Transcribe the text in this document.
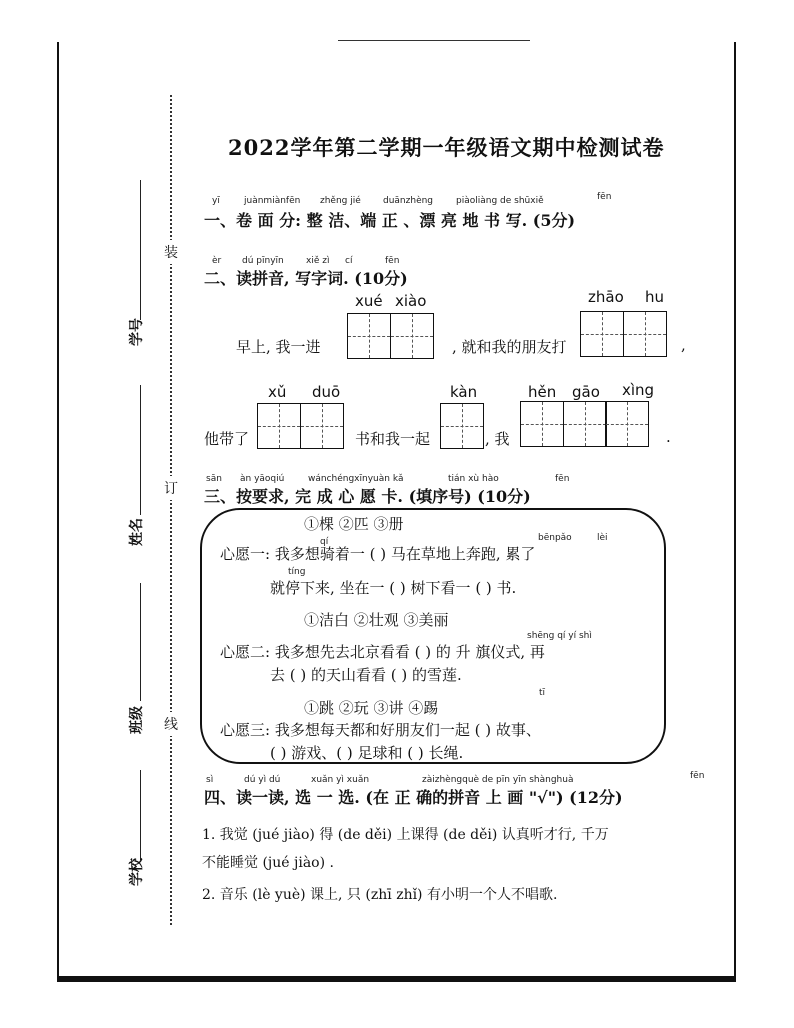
装
订
线
学号
姓名
班级
学校
2022学年第二学期一年级语文期中检测试卷
yī	juànmiànfēn zhěng jié duānzhèng	piàoliàng de shūxiě	fēn
一、卷 面 分: 整 洁、端 正 、漂 亮 地 书 写. (5分)
èr dú pīnyīn xiě zì cí	fēn
二、读拼音, 写字词. (10分)
xué xiào	zhāo hu
早上, 我一进	, 就和我的朋友打	,
xǔ duō	kàn	hěn gāo xìng
他带了	书和我一起	, 我	.
sān àn yāoqiú	wánchéngxīnyuàn kǎ	tián xù hào	fēn
三、按要求, 完 成 心 愿 卡. (填序号) (10分)
①棵 ②匹 ③册
qí	bēnpǎo	lèi
心愿一: 我多想骑着一 ( ) 马在草地上奔跑, 累了
tíng
就停下来, 坐在一 ( ) 树下看一 ( ) 书.
①洁白 ②壮观 ③美丽
shēng qí yí shì
心愿二: 我多想先去北京看看 ( ) 的 升 旗仪式, 再
去 ( ) 的天山看看 ( ) 的雪莲.
tī
①跳 ②玩 ③讲 ④踢
心愿三: 我多想每天都和好朋友们一起 ( ) 故事、
( ) 游戏、( ) 足球和 ( ) 长绳.
sì	dú yì dú	xuǎn yì xuǎn	zàizhèngquè de pīn yīn shànghuà	fēn
四、读一读, 选 一 选. (在 正 确的拼音 上 画 "√") (12分)
1. 我觉 (jué jiào) 得 (de děi) 上课得 (de děi) 认真听才行, 千万
不能睡觉 (jué jiào) .
2. 音乐 (lè yuè) 课上, 只 (zhī zhǐ) 有小明一个人不唱歌.
